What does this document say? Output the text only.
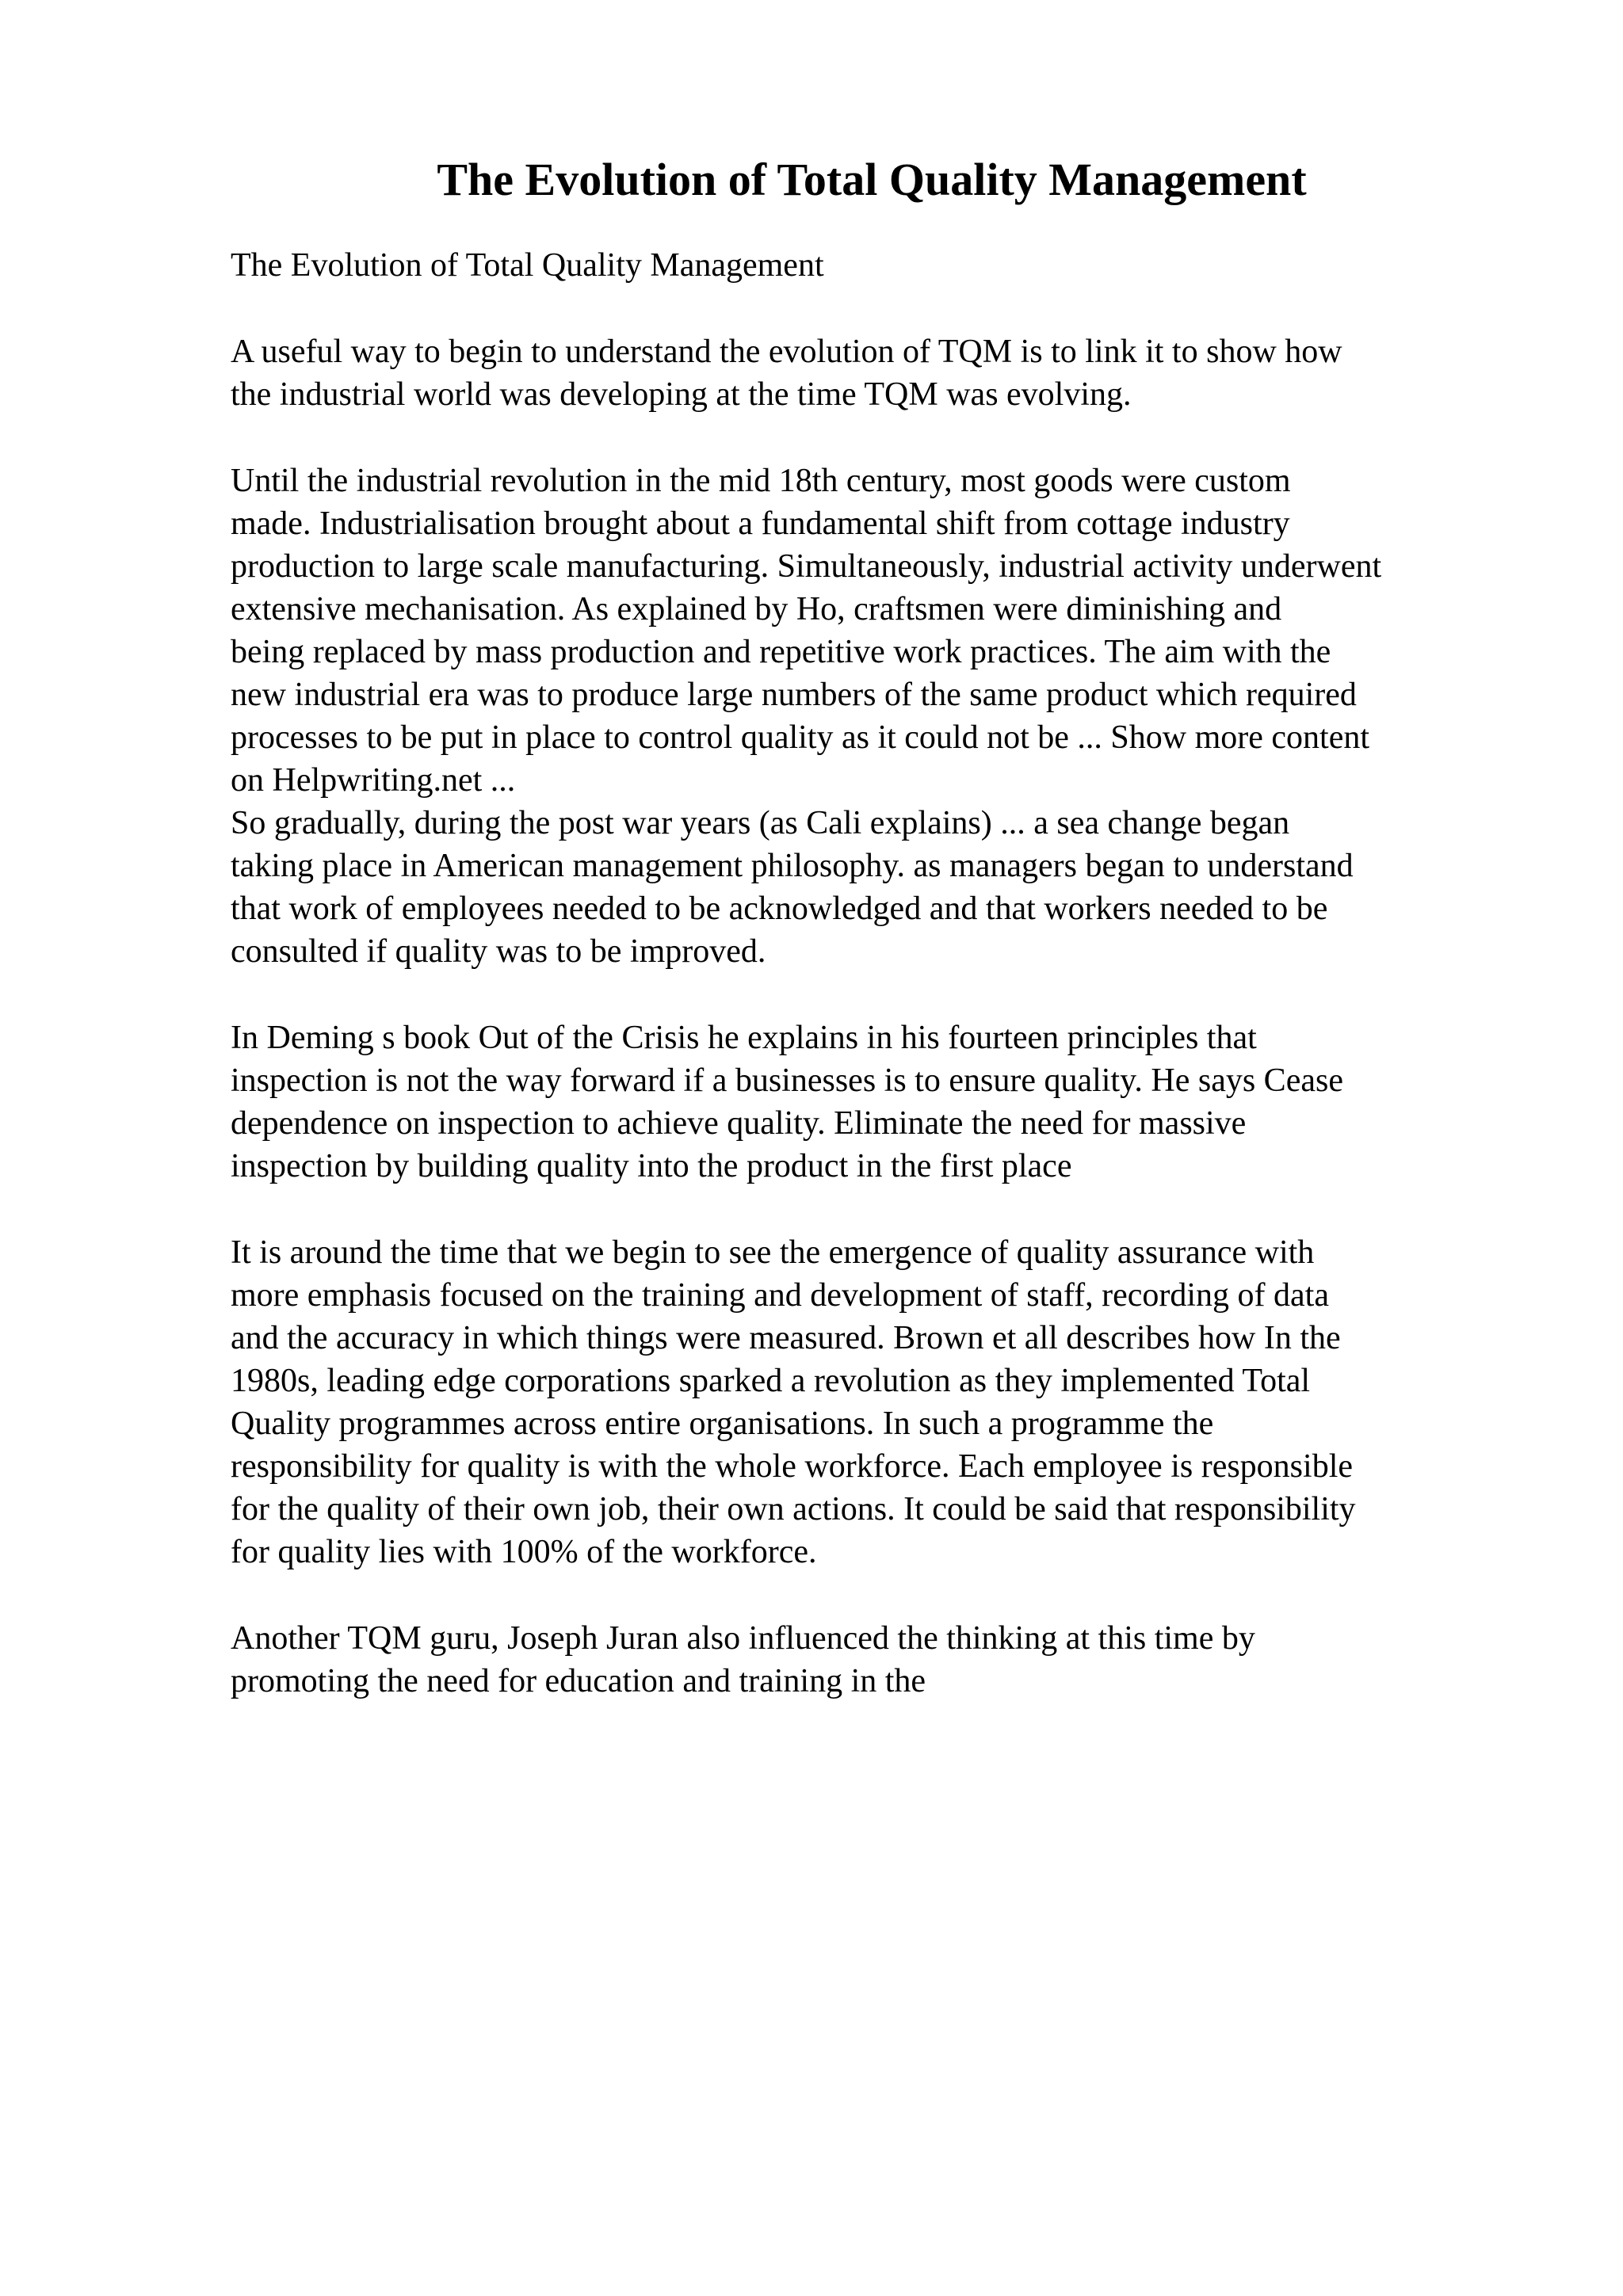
The Evolution of Total Quality Management
The Evolution of Total Quality Management
A useful way to begin to understand the evolution of TQM is to link it to show how
the industrial world was developing at the time TQM was evolving.
Until the industrial revolution in the mid 18th century, most goods were custom
made. Industrialisation brought about a fundamental shift from cottage industry
production to large scale manufacturing. Simultaneously, industrial activity underwent
extensive mechanisation. As explained by Ho, craftsmen were diminishing and
being replaced by mass production and repetitive work practices. The aim with the
new industrial era was to produce large numbers of the same product which required
processes to be put in place to control quality as it could not be ... Show more content
on Helpwriting.net ...
So gradually, during the post war years (as Cali explains) ... a sea change began
taking place in American management philosophy. as managers began to understand
that work of employees needed to be acknowledged and that workers needed to be
consulted if quality was to be improved.
In Deming s book Out of the Crisis he explains in his fourteen principles that
inspection is not the way forward if a businesses is to ensure quality. He says Cease
dependence on inspection to achieve quality. Eliminate the need for massive
inspection by building quality into the product in the first place
It is around the time that we begin to see the emergence of quality assurance with
more emphasis focused on the training and development of staff, recording of data
and the accuracy in which things were measured. Brown et all describes how In the
1980s, leading edge corporations sparked a revolution as they implemented Total
Quality programmes across entire organisations. In such a programme the
responsibility for quality is with the whole workforce. Each employee is responsible
for the quality of their own job, their own actions. It could be said that responsibility
for quality lies with 100% of the workforce.
Another TQM guru, Joseph Juran also influenced the thinking at this time by
promoting the need for education and training in the
